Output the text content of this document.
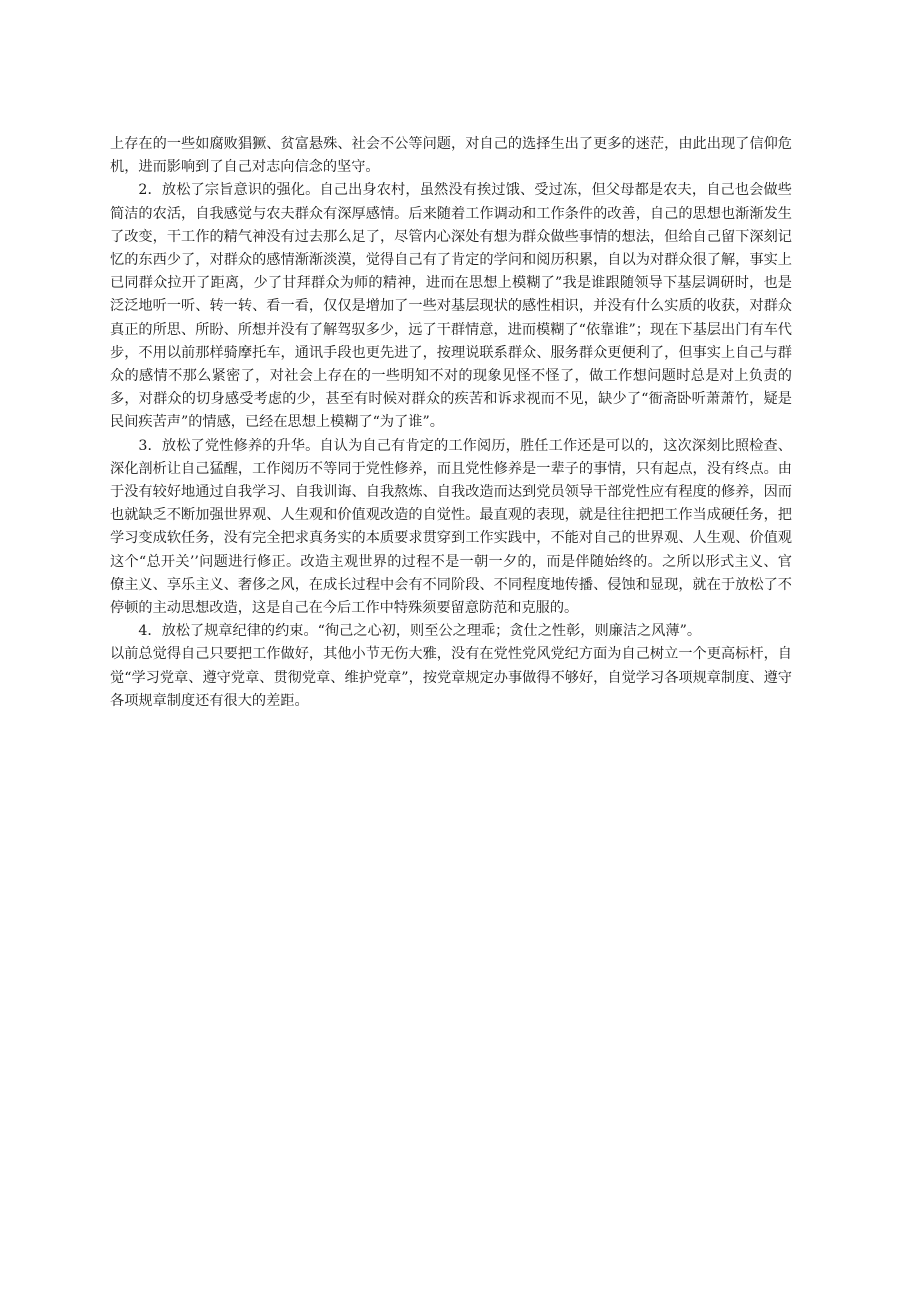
上存在的一些如腐败猖獗、贫富悬殊、社会不公等问题，对自己的选择生出了更多的迷茫，由此出现了信仰危机，进而影响到了自己对志向信念的坚守。

2．放松了宗旨意识的强化。自己出身农村，虽然没有挨过饿、受过冻，但父母都是农夫，自己也会做些简洁的农活，自我感觉与农夫群众有深厚感情。后来随着工作调动和工作条件的改善，自己的思想也渐渐发生了改变，干工作的精气神没有过去那么足了，尽管内心深处有想为群众做些事情的想法，但给自己留下深刻记忆的东西少了，对群众的感情渐渐淡漠，觉得自己有了肯定的学问和阅历积累，自以为对群众很了解，事实上已同群众拉开了距离，少了甘拜群众为师的精神，进而在思想上模糊了”我是谁跟随领导下基层调研时，也是泛泛地听一听、转一转、看一看，仅仅是增加了一些对基层现状的感性相识，并没有什么实质的收获，对群众真正的所思、所盼、所想并没有了解驾驭多少，远了干群情意，进而模糊了“依靠谁”；现在下基层出门有车代步，不用以前那样骑摩托车，通讯手段也更先进了，按理说联系群众、服务群众更便利了，但事实上自己与群众的感情不那么紧密了，对社会上存在的一些明知不对的现象见怪不怪了，做工作想问题时总是对上负责的多，对群众的切身感受考虑的少，甚至有时候对群众的疾苦和诉求视而不见，缺少了“衙斋卧听萧萧竹，疑是民间疾苦声”的情感，已经在思想上模糊了“为了谁”。

3．放松了党性修养的升华。自认为自己有肯定的工作阅历，胜任工作还是可以的，这次深刻比照检查、深化剖析让自己猛醒，工作阅历不等同于党性修养，而且党性修养是一辈子的事情，只有起点，没有终点。由于没有较好地通过自我学习、自我训诲、自我熬炼、自我改造而达到党员领导干部党性应有程度的修养，因而也就缺乏不断加强世界观、人生观和价值观改造的自觉性。最直观的表现，就是往往把把工作当成硬任务，把学习变成软任务，没有完全把求真务实的本质要求贯穿到工作实践中，不能对自己的世界观、人生观、价值观这个“总开关’’问题进行修正。改造主观世界的过程不是一朝一夕的，而是伴随始终的。之所以形式主义、官僚主义、享乐主义、奢侈之风，在成长过程中会有不同阶段、不同程度地传播、侵蚀和显现，就在于放松了不停顿的主动思想改造，这是自己在今后工作中特殊须要留意防范和克服的。

4．放松了规章纪律的约束。“徇己之心初，则至公之理乖；贪仕之性彰，则廉洁之风薄”。

以前总觉得自己只要把工作做好，其他小节无伤大雅，没有在党性党风党纪方面为自己树立一个更高标杆，自觉“学习党章、遵守党章、贯彻党章、维护党章”，按党章规定办事做得不够好，自觉学习各项规章制度、遵守各项规章制度还有很大的差距。
